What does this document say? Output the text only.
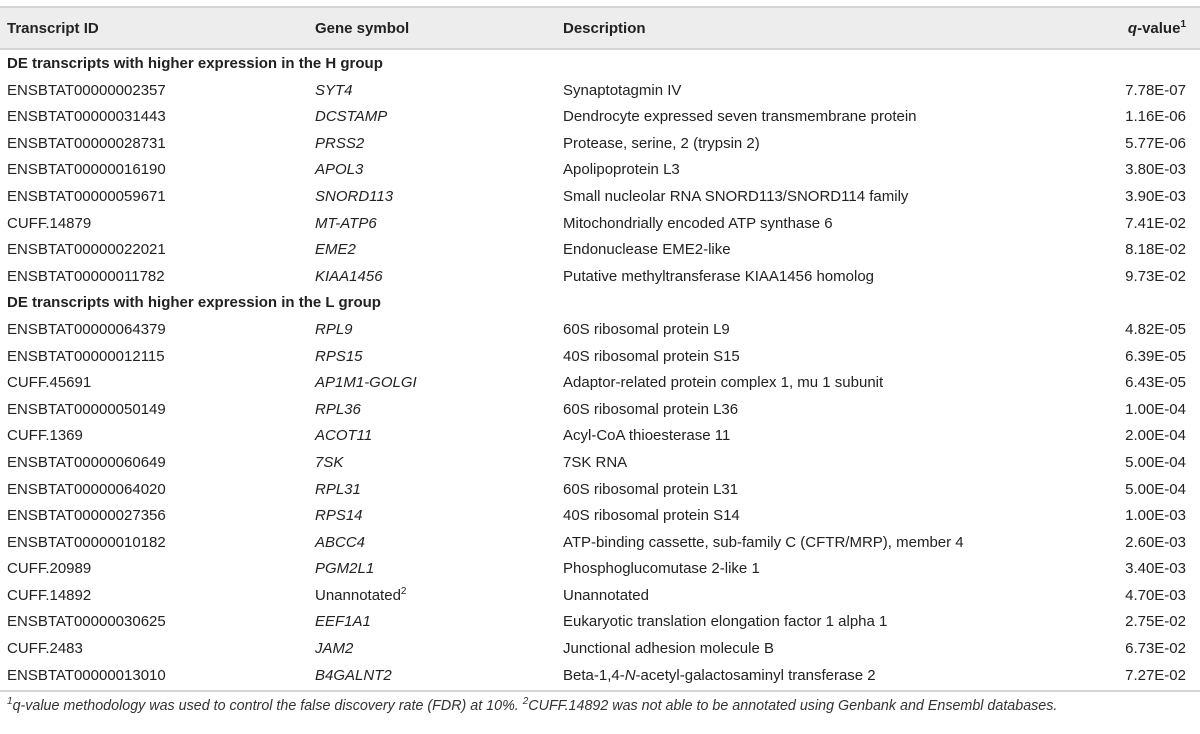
Transcript ID	Gene symbol	Description	q-value$^1$
DE transcripts with higher expression in the H group
ENSBTAT00000002357	SYT4	Synaptotagmin IV	7.78E-07
ENSBTAT00000031443	DCSTAMP	Dendrocyte expressed seven transmembrane protein	1.16E-06
ENSBTAT00000028731	PRSS2	Protease, serine, 2 (trypsin 2)	5.77E-06
ENSBTAT00000016190	APOL3	Apolipoprotein L3	3.80E-03
ENSBTAT00000059671	SNORD113	Small nucleolar RNA SNORD113/SNORD114 family	3.90E-03
CUFF.14879	MT-ATP6	Mitochondrially encoded ATP synthase 6	7.41E-02
ENSBTAT00000022021	EME2	Endonuclease EME2-like	8.18E-02
ENSBTAT00000011782	KIAA1456	Putative methyltransferase KIAA1456 homolog	9.73E-02
DE transcripts with higher expression in the L group
ENSBTAT00000064379	RPL9	60S ribosomal protein L9	4.82E-05
ENSBTAT00000012115	RPS15	40S ribosomal protein S15	6.39E-05
CUFF.45691	AP1M1-GOLGI	Adaptor-related protein complex 1, mu 1 subunit	6.43E-05
ENSBTAT00000050149	RPL36	60S ribosomal protein L36	1.00E-04
CUFF.1369	ACOT11	Acyl-CoA thioesterase 11	2.00E-04
ENSBTAT00000060649	7SK	7SK RNA	5.00E-04
ENSBTAT00000064020	RPL31	60S ribosomal protein L31	5.00E-04
ENSBTAT00000027356	RPS14	40S ribosomal protein S14	1.00E-03
ENSBTAT00000010182	ABCC4	ATP-binding cassette, sub-family C (CFTR/MRP), member 4	2.60E-03
CUFF.20989	PGM2L1	Phosphoglucomutase 2-like 1	3.40E-03
CUFF.14892	Unannotated$^2$	Unannotated	4.70E-03
ENSBTAT00000030625	EEF1A1	Eukaryotic translation elongation factor 1 alpha 1	2.75E-02
CUFF.2483	JAM2	Junctional adhesion molecule B	6.73E-02
ENSBTAT00000013010	B4GALNT2	Beta-1,4-N-acetyl-galactosaminyl transferase 2	7.27E-02
$^1$q-value methodology was used to control the false discovery rate (FDR) at 10%. $^2$CUFF.14892 was not able to be annotated using Genbank and Ensembl databases.
